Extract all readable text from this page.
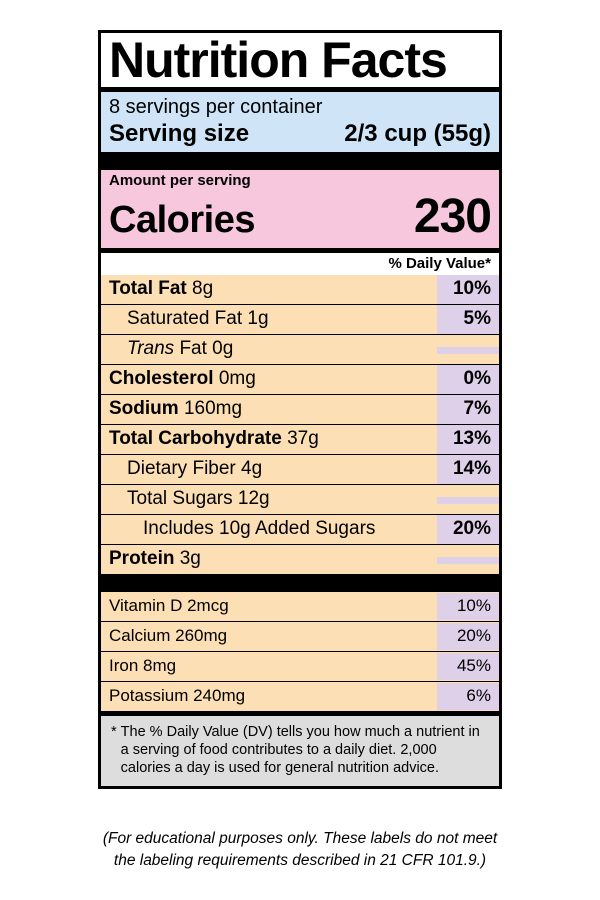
Nutrition Facts
8 servings per container
Serving size	2/3 cup (55g)
Amount per serving
Calories	230
% Daily Value*
Total Fat 8g	10%
Saturated Fat 1g	5%
Trans Fat 0g
Cholesterol 0mg	0%
Sodium 160mg	7%
Total Carbohydrate 37g	13%
Dietary Fiber 4g	14%
Total Sugars 12g
Includes 10g Added Sugars	20%
Protein 3g
Vitamin D 2mcg	10%
Calcium 260mg	20%
Iron 8mg	45%
Potassium 240mg	6%
* The % Daily Value (DV) tells you how much a nutrient in a serving of food contributes to a daily diet. 2,000 calories a day is used for general nutrition advice.
(For educational purposes only. These labels do not meet
the labeling requirements described in 21 CFR 101.9.)
